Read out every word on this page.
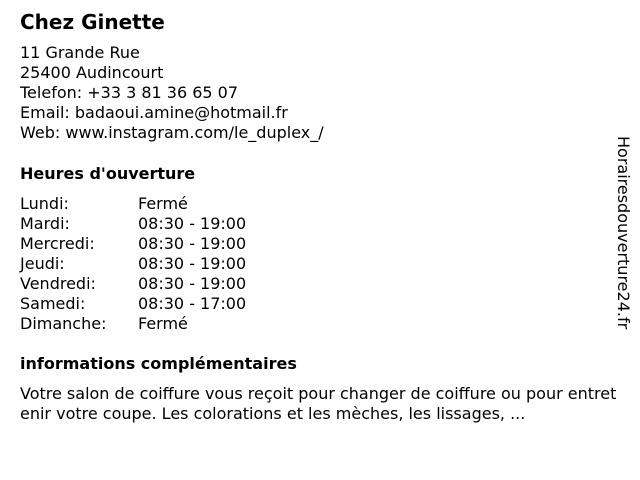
Chez Ginette
11 Grande Rue
25400 Audincourt
Telefon: +33 3 81 36 65 07
Email: badaoui.amine@hotmail.fr
Web: www.instagram.com/le_duplex_/
Heures d'ouverture
Lundi:	Fermé
Mardi:	08:30 - 19:00
Mercredi:	08:30 - 19:00
Jeudi:	08:30 - 19:00
Vendredi:	08:30 - 19:00
Samedi:	08:30 - 17:00
Dimanche: Fermé
informations complémentaires
Votre salon de coiffure vous reçoit pour changer de coiffure ou pour entretenir votre coupe. Les colorations et les mèches, les lissages, ...
Horairesdouverture24.fr
